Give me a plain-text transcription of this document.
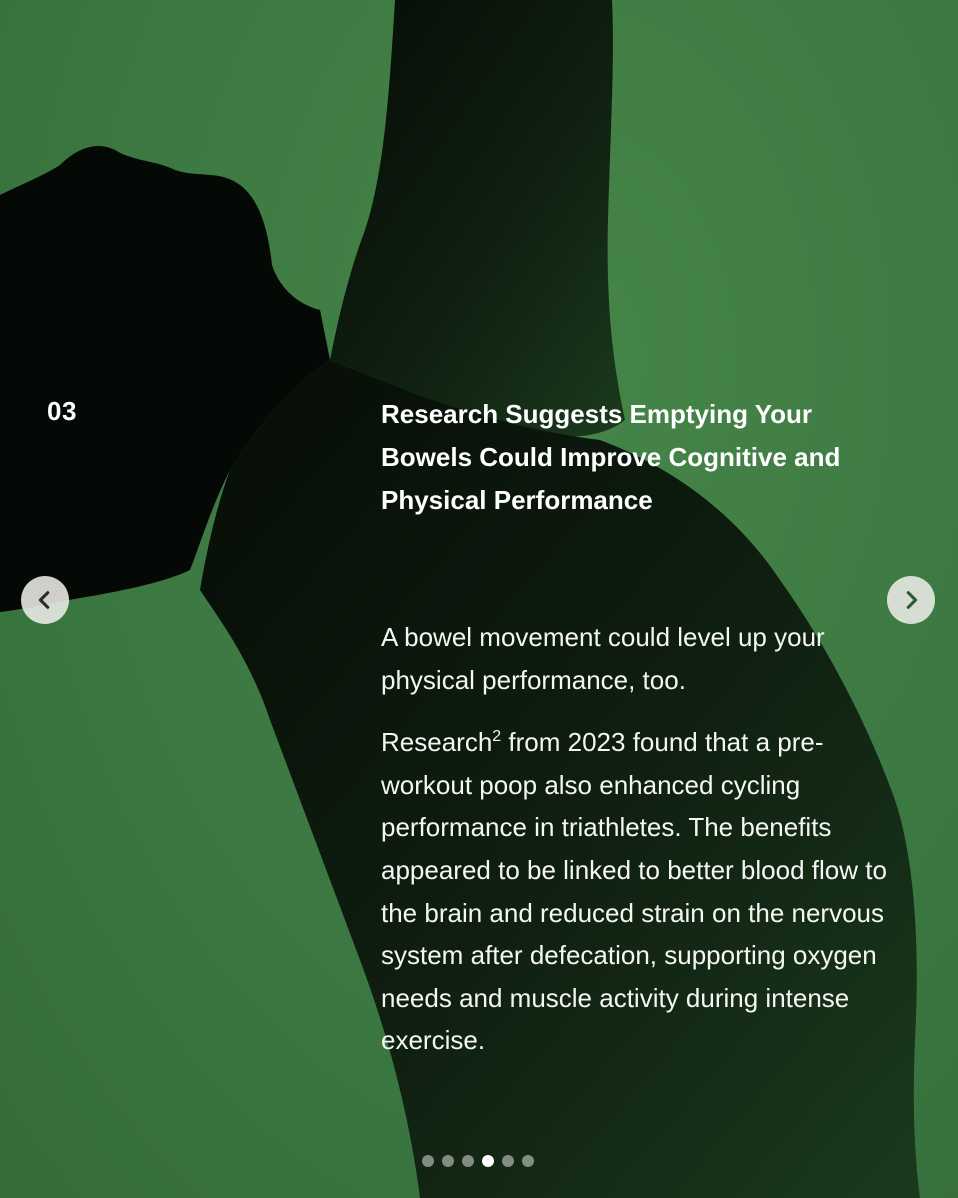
03	Research Suggests Emptying Your Bowels Could Improve Cognitive and Physical Performance

A bowel movement could level up your physical performance, too.

Research$^2$ from 2023 found that a pre-workout poop also enhanced cycling performance in triathletes. The benefits appeared to be linked to better blood flow to the brain and reduced strain on the nervous system after defecation, supporting oxygen needs and muscle activity during intense exercise.
